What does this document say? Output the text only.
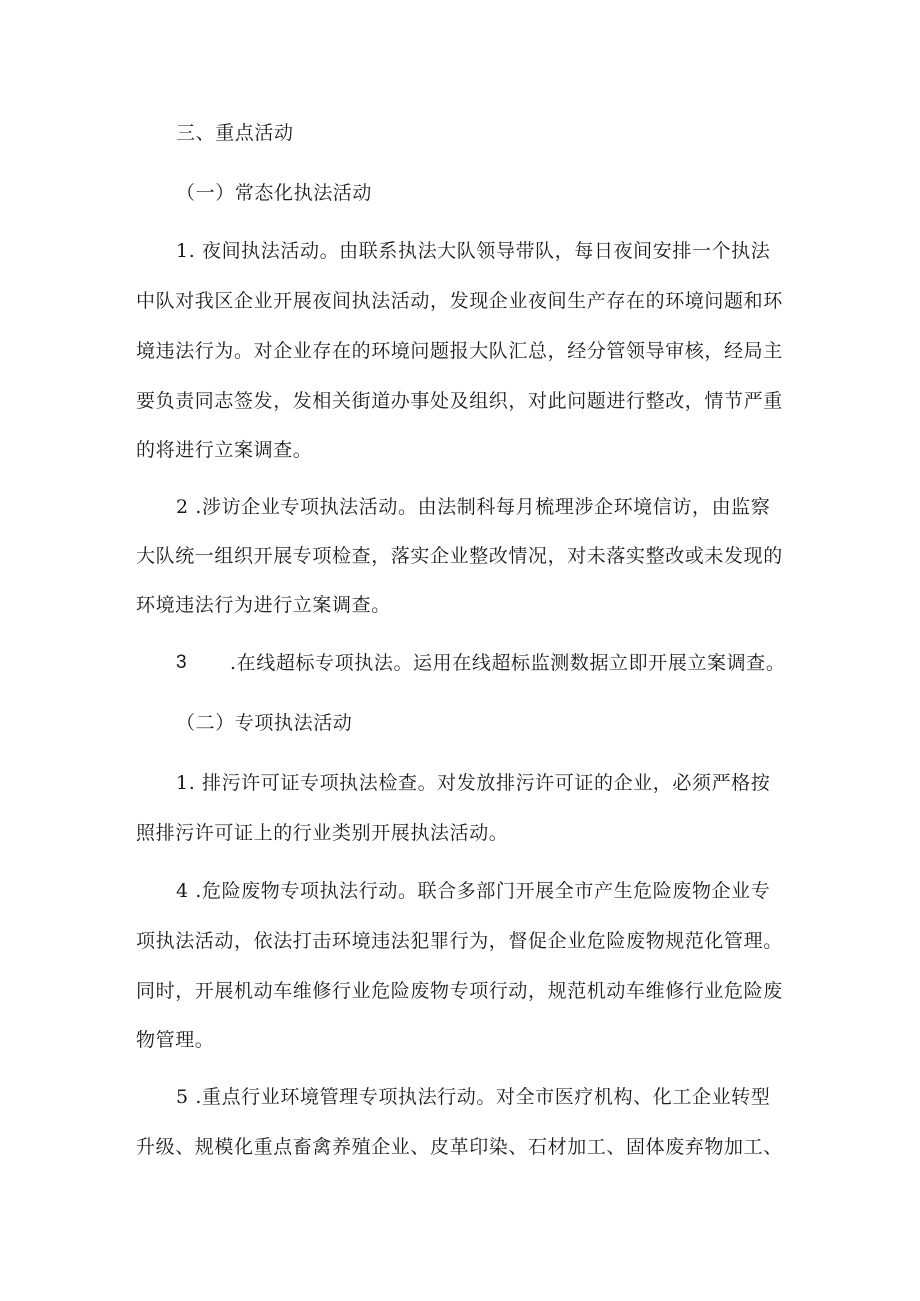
三、重点活动
（一）常态化执法活动
1. 夜间执法活动。由联系执法大队领导带队，每日夜间安排一个执法
中队对我区企业开展夜间执法活动，发现企业夜间生产存在的环境问题和环
境违法行为。对企业存在的环境问题报大队汇总，经分管领导审核，经局主
要负责同志签发，发相关街道办事处及组织，对此问题进行整改，情节严重
的将进行立案调查。
2 .涉访企业专项执法活动。由法制科每月梳理涉企环境信访，由监察
大队统一组织开展专项检查，落实企业整改情况，对未落实整改或未发现的
环境违法行为进行立案调查。
3 .在线超标专项执法。运用在线超标监测数据立即开展立案调查。
（二）专项执法活动
1. 排污许可证专项执法检查。对发放排污许可证的企业，必须严格按
照排污许可证上的行业类别开展执法活动。
4 .危险废物专项执法行动。联合多部门开展全市产生危险废物企业专
项执法活动，依法打击环境违法犯罪行为，督促企业危险废物规范化管理。
同时，开展机动车维修行业危险废物专项行动，规范机动车维修行业危险废
物管理。
5 .重点行业环境管理专项执法行动。对全市医疗机构、化工企业转型
升级、规模化重点畜禽养殖企业、皮革印染、石材加工、固体废弃物加工、
